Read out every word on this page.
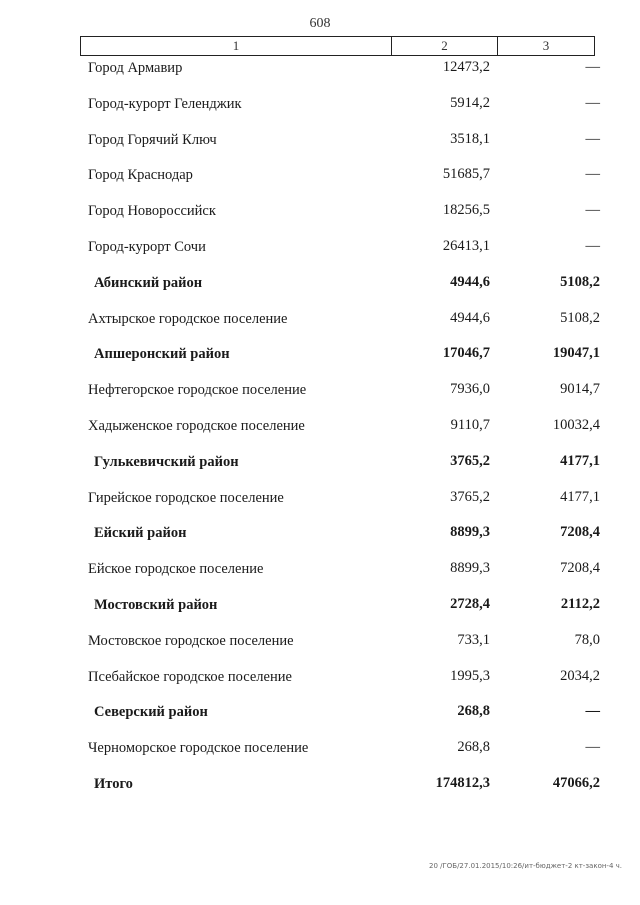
608
1	2	3
Город Армавир	12473,2	—
Город-курорт Геленджик	5914,2	—
Город Горячий Ключ	3518,1	—
Город Краснодар	51685,7	—
Город Новороссийск	18256,5	—
Город-курорт Сочи	26413,1	—
Абинский район	4944,6	5108,2
Ахтырское городское поселение	4944,6	5108,2
Апшеронский район	17046,7	19047,1
Нефтегорское городское поселение	7936,0	9014,7
Хадыженское городское поселение	9110,7	10032,4
Гулькевичский район	3765,2	4177,1
Гирейское городское поселение	3765,2	4177,1
Ейский район	8899,3	7208,4
Ейское городское поселение	8899,3	7208,4
Мостовский район	2728,4	2112,2
Мостовское городское поселение	733,1	78,0
Псебайское городское поселение	1995,3	2034,2
Северский район	268,8	—
Черноморское городское поселение	268,8	—
Итого	174812,3	47066,2
20 /ГОБ/27.01.2015/10:26/ит-бюджет-2 кт-закон-4 ч.
